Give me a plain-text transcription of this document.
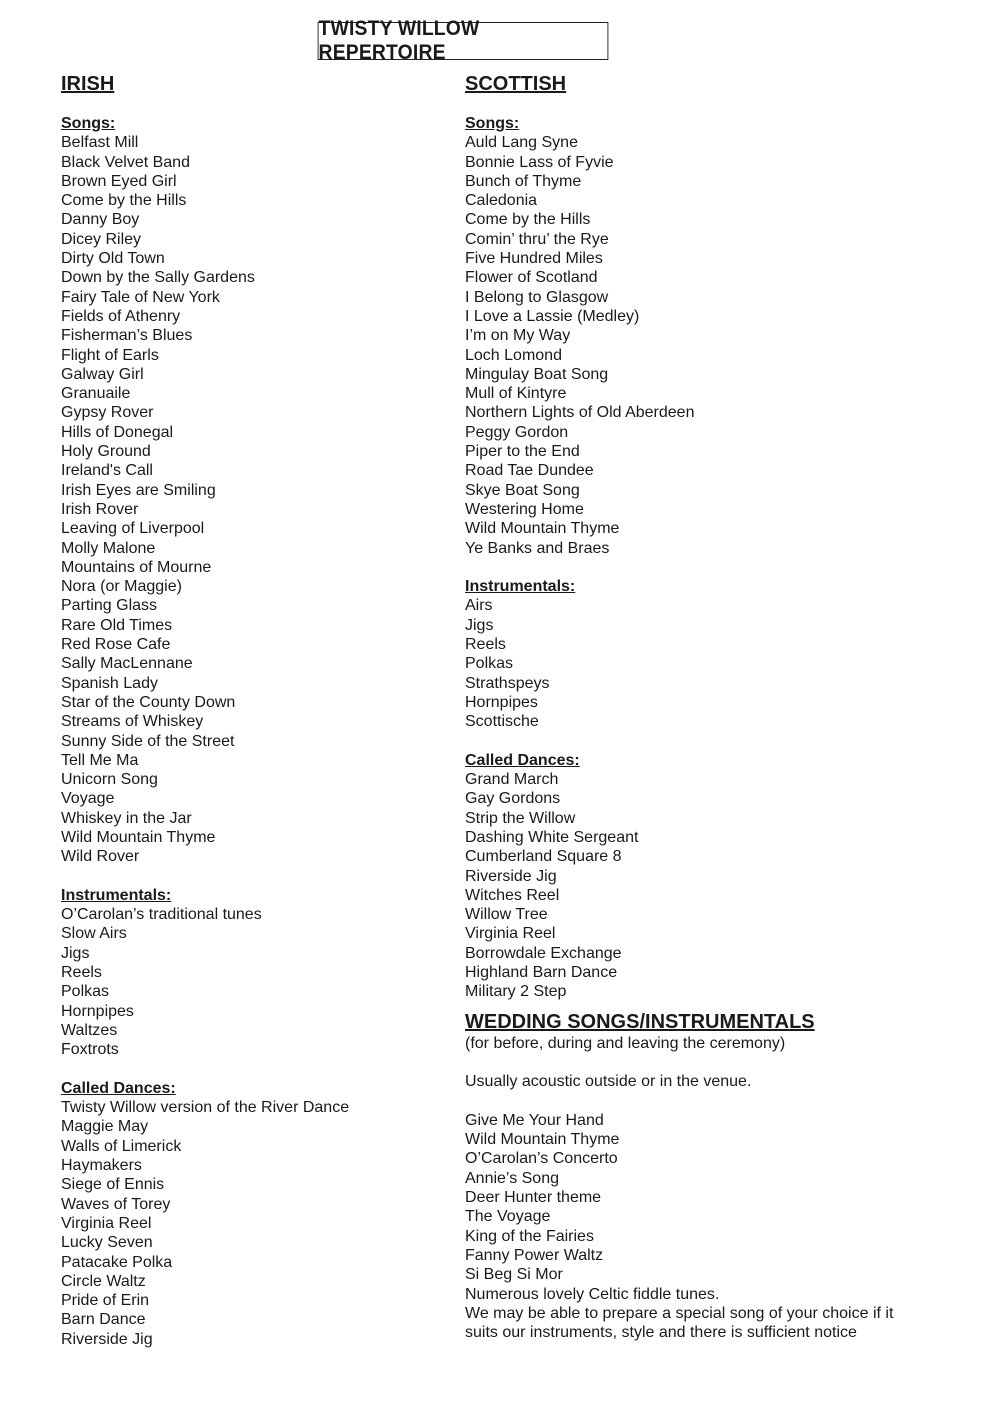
TWISTY WILLOW REPERTOIRE
IRISH
Songs:
Belfast Mill
Black Velvet Band
Brown Eyed Girl
Come by the Hills
Danny Boy
Dicey Riley
Dirty Old Town
Down by the Sally Gardens
Fairy Tale of New York
Fields of Athenry
Fisherman’s Blues
Flight of Earls
Galway Girl
Granuaile
Gypsy Rover
Hills of Donegal
Holy Ground
Ireland's Call
Irish Eyes are Smiling
Irish Rover
Leaving of Liverpool
Molly Malone
Mountains of Mourne
Nora (or Maggie)
Parting Glass
Rare Old Times
Red Rose Cafe
Sally MacLennane
Spanish Lady
Star of the County Down
Streams of Whiskey
Sunny Side of the Street
Tell Me Ma
Unicorn Song
Voyage
Whiskey in the Jar
Wild Mountain Thyme
Wild Rover
Instrumentals:
O’Carolan’s traditional tunes
Slow Airs
Jigs
Reels
Polkas
Hornpipes
Waltzes
Foxtrots
Called Dances:
Twisty Willow version of the River Dance
Maggie May
Walls of Limerick
Haymakers
Siege of Ennis
Waves of Torey
Virginia Reel
Lucky Seven
Patacake Polka
Circle Waltz
Pride of Erin
Barn Dance
Riverside Jig
SCOTTISH
Songs:
Auld Lang Syne
Bonnie Lass of Fyvie
Bunch of Thyme
Caledonia
Come by the Hills
Comin’ thru’ the Rye
Five Hundred Miles
Flower of Scotland
I Belong to Glasgow
I Love a Lassie (Medley)
I’m on My Way
Loch Lomond
Mingulay Boat Song
Mull of Kintyre
Northern Lights of Old Aberdeen
Peggy Gordon
Piper to the End
Road Tae Dundee
Skye Boat Song
Westering Home
Wild Mountain Thyme
Ye Banks and Braes
Instrumentals:
Airs
Jigs
Reels
Polkas
Strathspeys
Hornpipes
Scottische
Called Dances:
Grand March
Gay Gordons
Strip the Willow
Dashing White Sergeant
Cumberland Square 8
Riverside Jig
Witches Reel
Willow Tree
Virginia Reel
Borrowdale Exchange
Highland Barn Dance
Military 2 Step
WEDDING SONGS/INSTRUMENTALS
(for before, during and leaving the ceremony)
Usually acoustic outside or in the venue.
Give Me Your Hand
Wild Mountain Thyme
O’Carolan’s Concerto
Annie’s Song
Deer Hunter theme
The Voyage
King of the Fairies
Fanny Power Waltz
Si Beg Si Mor
Numerous lovely Celtic fiddle tunes.
We may be able to prepare a special song of your choice if it
suits our instruments, style and there is sufficient notice
